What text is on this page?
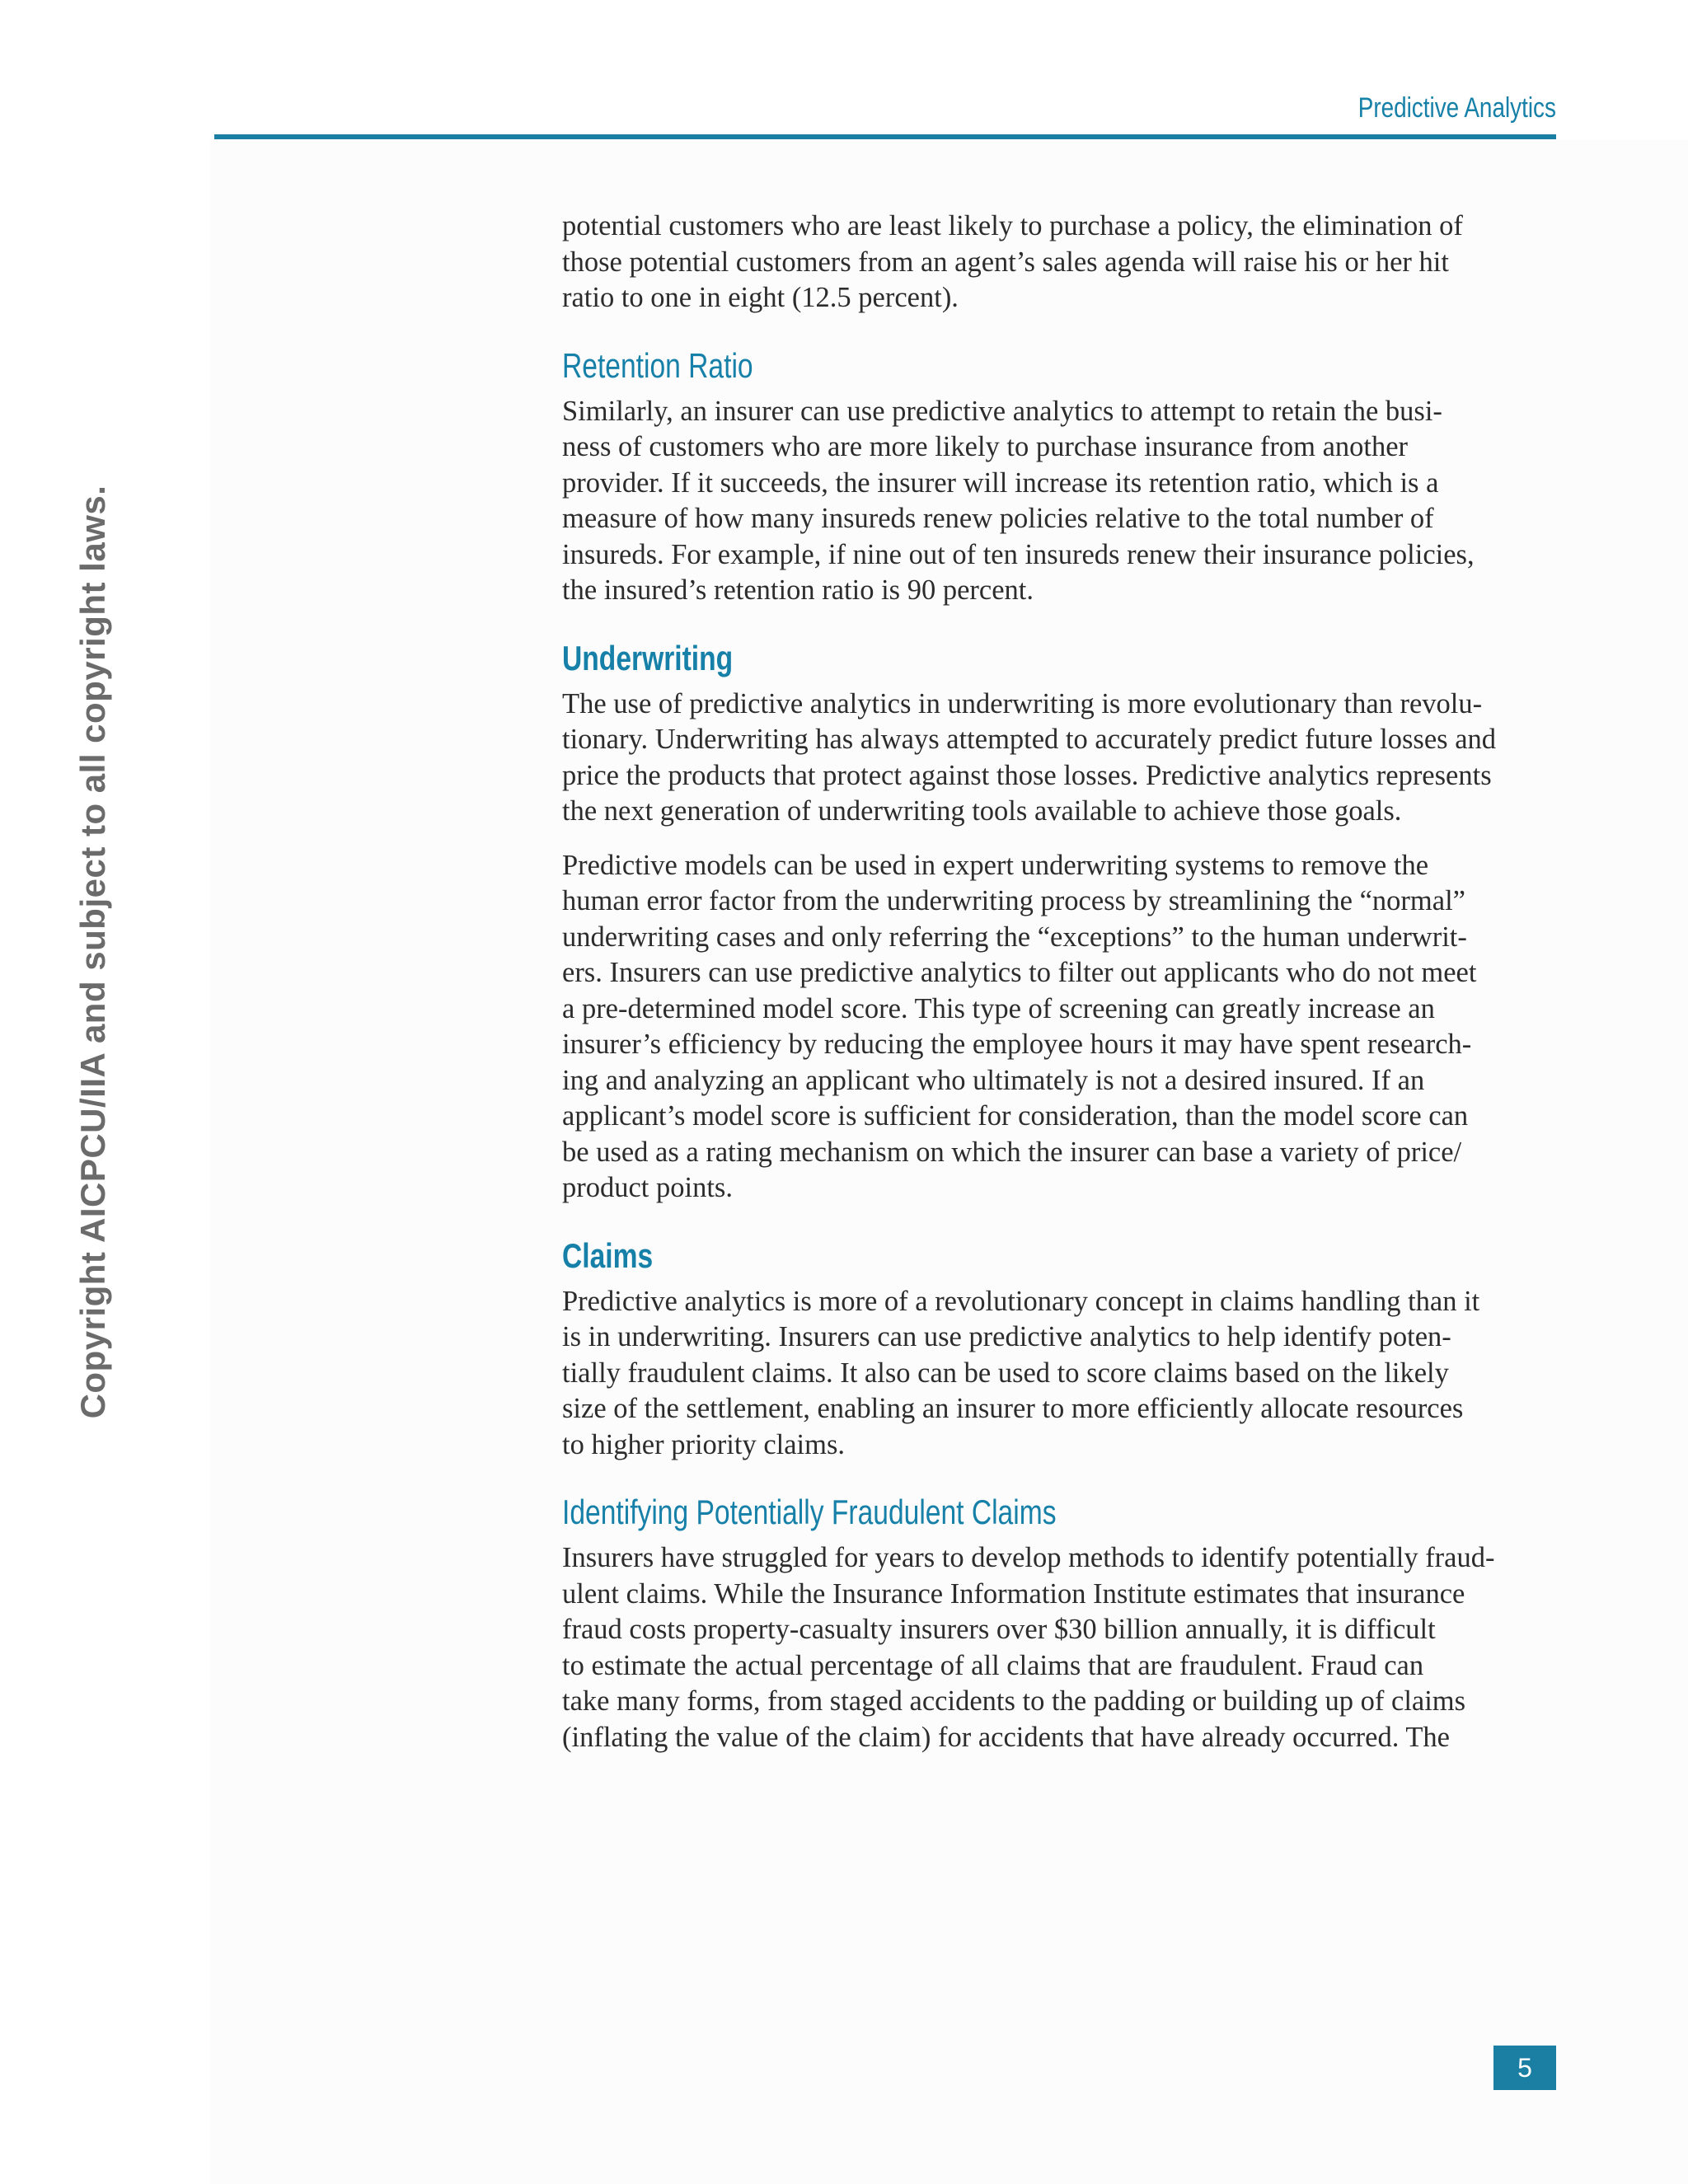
Predictive Analytics
Copyright AICPCU/IIA and subject to all copyright laws.

potential customers who are least likely to purchase a policy, the elimination of
those potential customers from an agent’s sales agenda will raise his or her hit
ratio to one in eight (12.5 percent).

Retention Ratio

Similarly, an insurer can use predictive analytics to attempt to retain the busi-
ness of customers who are more likely to purchase insurance from another
provider. If it succeeds, the insurer will increase its retention ratio, which is a
measure of how many insureds renew policies relative to the total number of
insureds. For example, if nine out of ten insureds renew their insurance policies,
the insured’s retention ratio is 90 percent.

Underwriting

The use of predictive analytics in underwriting is more evolutionary than revolu-
tionary. Underwriting has always attempted to accurately predict future losses and
price the products that protect against those losses. Predictive analytics represents
the next generation of underwriting tools available to achieve those goals.

Predictive models can be used in expert underwriting systems to remove the
human error factor from the underwriting process by streamlining the “normal”
underwriting cases and only referring the “exceptions” to the human underwrit-
ers. Insurers can use predictive analytics to filter out applicants who do not meet
a pre-determined model score. This type of screening can greatly increase an
insurer’s efficiency by reducing the employee hours it may have spent research-
ing and analyzing an applicant who ultimately is not a desired insured. If an
applicant’s model score is sufficient for consideration, than the model score can
be used as a rating mechanism on which the insurer can base a variety of price/
product points.

Claims

Predictive analytics is more of a revolutionary concept in claims handling than it
is in underwriting. Insurers can use predictive analytics to help identify poten-
tially fraudulent claims. It also can be used to score claims based on the likely
size of the settlement, enabling an insurer to more efficiently allocate resources
to higher priority claims.

Identifying Potentially Fraudulent Claims

Insurers have struggled for years to develop methods to identify potentially fraud-
ulent claims. While the Insurance Information Institute estimates that insurance
fraud costs property-casualty insurers over $30 billion annually, it is difficult
to estimate the actual percentage of all claims that are fraudulent. Fraud can
take many forms, from staged accidents to the padding or building up of claims
(inflating the value of the claim) for accidents that have already occurred. The

5
